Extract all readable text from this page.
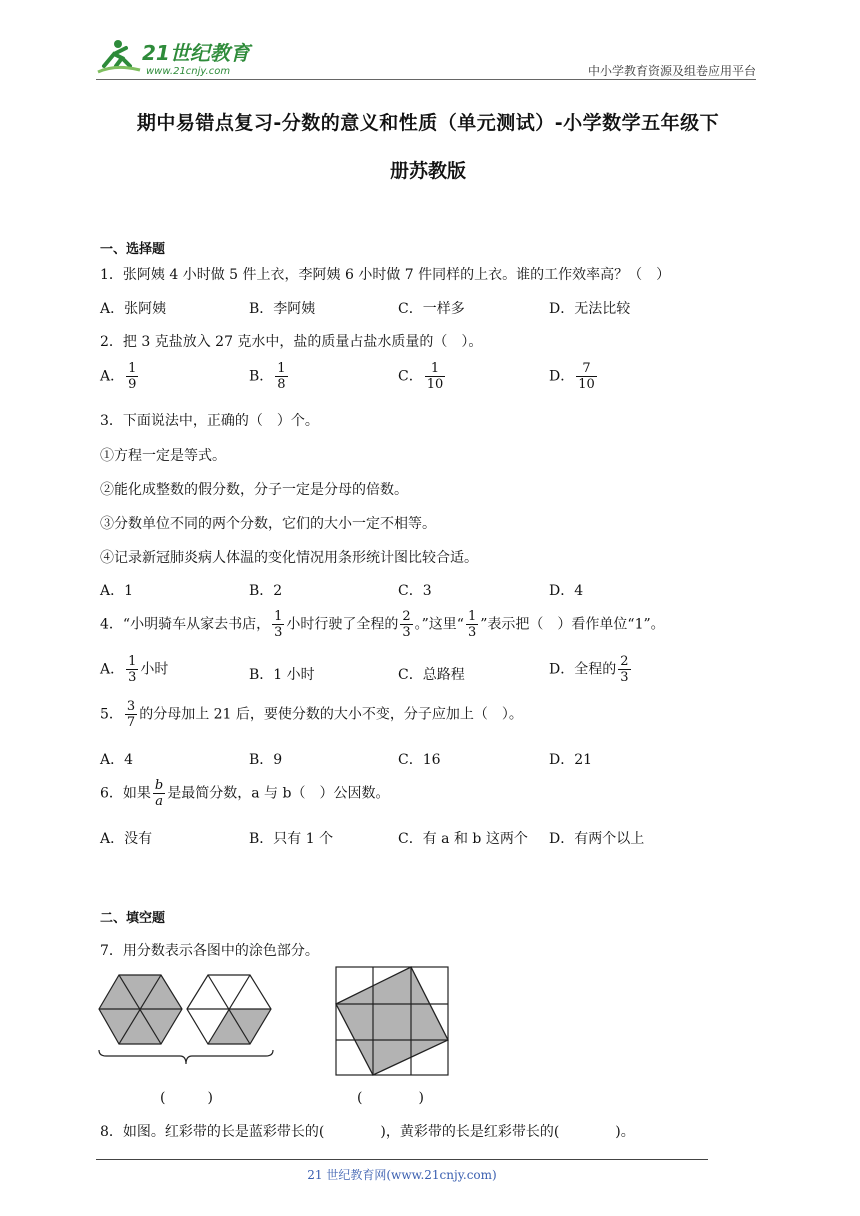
21世纪教育
www.21cnjy.com	中小学教育资源及组卷应用平台
期中易错点复习-分数的意义和性质（单元测试）-小学数学五年级下
册苏教版
一、选择题
1．张阿姨 4 小时做 5 件上衣，李阿姨 6 小时做 7 件同样的上衣。谁的工作效率高？（　）
A．张阿姨	B．李阿姨	C．一样多	D．无法比较
2．把 3 克盐放入 27 克水中，盐的质量占盐水质量的（　）。
A． $\frac{1}{9}$	B． $\frac{1}{8}$	C． $\frac{1}{10}$	D． $\frac{7}{10}$
3．下面说法中，正确的（　）个。
①方程一定是等式。
②能化成整数的假分数，分子一定是分母的倍数。
③分数单位不同的两个分数，它们的大小一定不相等。
④记录新冠肺炎病人体温的变化情况用条形统计图比较合适。
A．1	B．2	C．3	D．4
4．“小明骑车从家去书店， $\frac{1}{3}$ 小时行驶了全程的 $\frac{2}{3}$ 。”这里“ $\frac{1}{3}$ ”表示把（　）看作单位“1”。
A． $\frac{1}{3}$ 小时	B．1 小时	C．总路程	D．全程的 $\frac{2}{3}$
5． $\frac{3}{7}$ 的分母加上 21 后，要使分数的大小不变，分子应加上（　）。
A．4	B．9	C．16	D．21
6．如果 $\frac{b}{a}$ 是最简分数，a 与 b（　）公因数。
A．没有	B．只有 1 个	C．有 a 和 b 这两个 D．有两个以上
二、填空题
7．用分数表示各图中的涂色部分。
(　　　)	(　　　　)
8．如图。红彩带的长是蓝彩带长的(　　　　)，黄彩带的长是红彩带长的(　　　　)。
21 世纪教育网(www.21cnjy.com)
